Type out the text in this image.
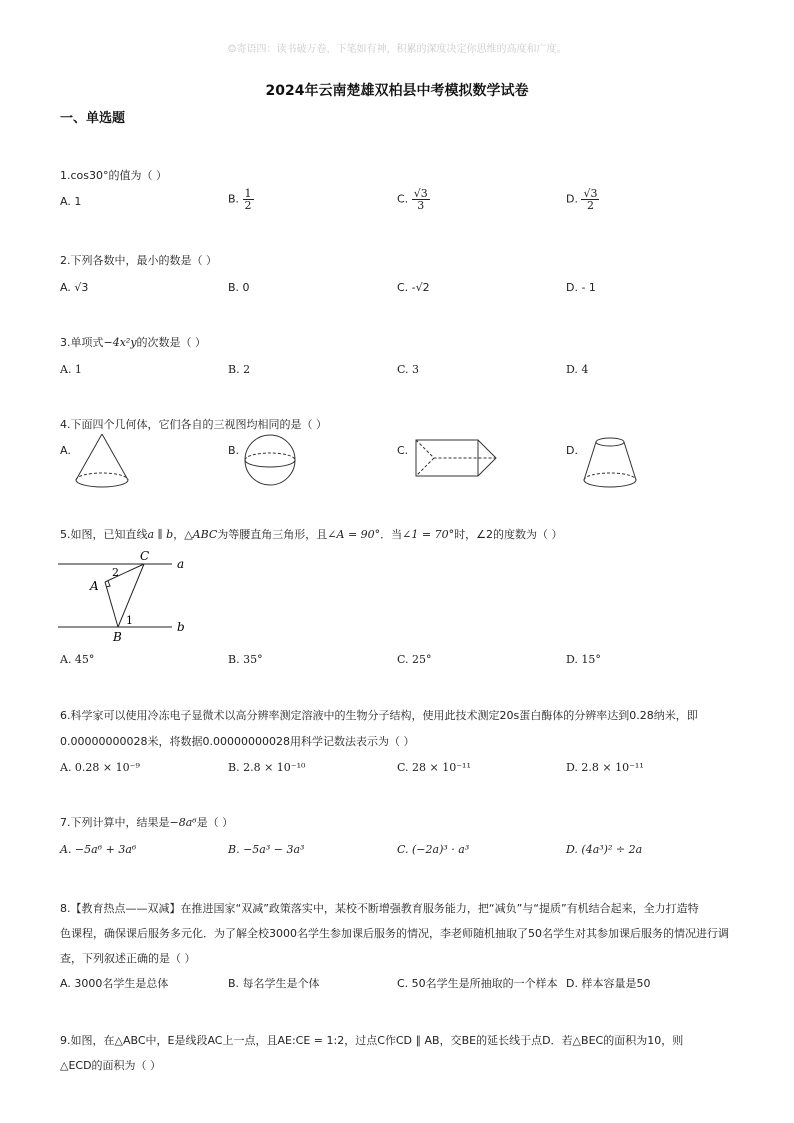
☺寄语四：读书破万卷，下笔如有神，积累的深度决定你思维的高度和广度。
2024年云南楚雄双柏县中考模拟数学试卷
一、单选题
1.cos30°的值为（ ）
A. 1	B. $\frac{1}{2}$	C. $\frac{√3}{3}$	D. $\frac{√3}{2}$
2.下列各数中，最小的数是（ ）
A. √3	B. 0	C. -√2	D. - 1
3.单项式−4x²y的次数是（ ）
A. 1	B. 2	C. 3	D. 4
4.下面四个几何体，它们各自的三视图均相同的是（ ）
A.	B.	C.	D.
5.如图，已知直线a ∥ b，△ABC为等腰直角三角形，且∠A = 90°．当∠1 = 70°时，∠2的度数为（ ）
C
A
B
a
b
1
2
A. 45°	B. 35°	C. 25°	D. 15°
6.科学家可以使用冷冻电子显微术以高分辨率测定溶液中的生物分子结构，使用此技术测定20s蛋白酶体的分辨率达到0.28纳米，即
0.00000000028米，将数据0.00000000028用科学记数法表示为（ ）
A. 0.28 × 10⁻⁹	B. 2.8 × 10⁻¹⁰	C. 28 × 10⁻¹¹	D. 2.8 × 10⁻¹¹
7.下列计算中，结果是−8a⁶是（ ）
A. −5a⁶ + 3a⁶	B. −5a³ − 3a³	C. (−2a)³ · a³	D. (4a³)² ÷ 2a
8.【教育热点——双减】在推进国家“双减”政策落实中，某校不断增强教育服务能力，把“减负”与“提质”有机结合起来，全力打造特
色课程，确保课后服务多元化．为了解全校3000名学生参加课后服务的情况，李老师随机抽取了50名学生对其参加课后服务的情况进行调
查，下列叙述正确的是（ ）
A. 3000名学生是总体	B. 每名学生是个体	C. 50名学生是所抽取的一个样本 D. 样本容量是50
9.如图，在△ABC中，E是线段AC上一点，且AE:CE = 1:2，过点C作CD ∥ AB，交BE的延长线于点D．若△BEC的面积为10，则
△ECD的面积为（ ）
